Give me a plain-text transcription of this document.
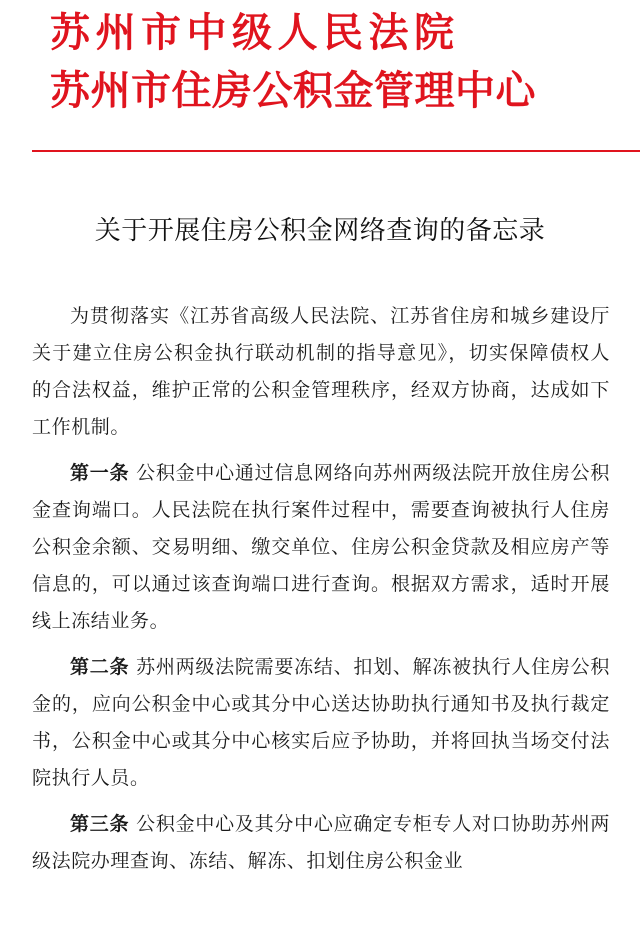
苏州市中级人民法院
苏州市住房公积金管理中心
关于开展住房公积金网络查询的备忘录

为贯彻落实《江苏省高级人民法院、江苏省住房和城乡建设厅关于建立住房公积金执行联动机制的指导意见》，切实保障债权人的合法权益，维护正常的公积金管理秩序，经双方协商，达成如下工作机制。

第一条 公积金中心通过信息网络向苏州两级法院开放住房公积金查询端口。人民法院在执行案件过程中，需要查询被执行人住房公积金余额、交易明细、缴交单位、住房公积金贷款及相应房产等信息的，可以通过该查询端口进行查询。根据双方需求，适时开展线上冻结业务。

第二条 苏州两级法院需要冻结、扣划、解冻被执行人住房公积金的，应向公积金中心或其分中心送达协助执行通知书及执行裁定书，公积金中心或其分中心核实后应予协助，并将回执当场交付法院执行人员。

第三条 公积金中心及其分中心应确定专柜专人对口协助苏州两级法院办理查询、冻结、解冻、扣划住房公积金业
